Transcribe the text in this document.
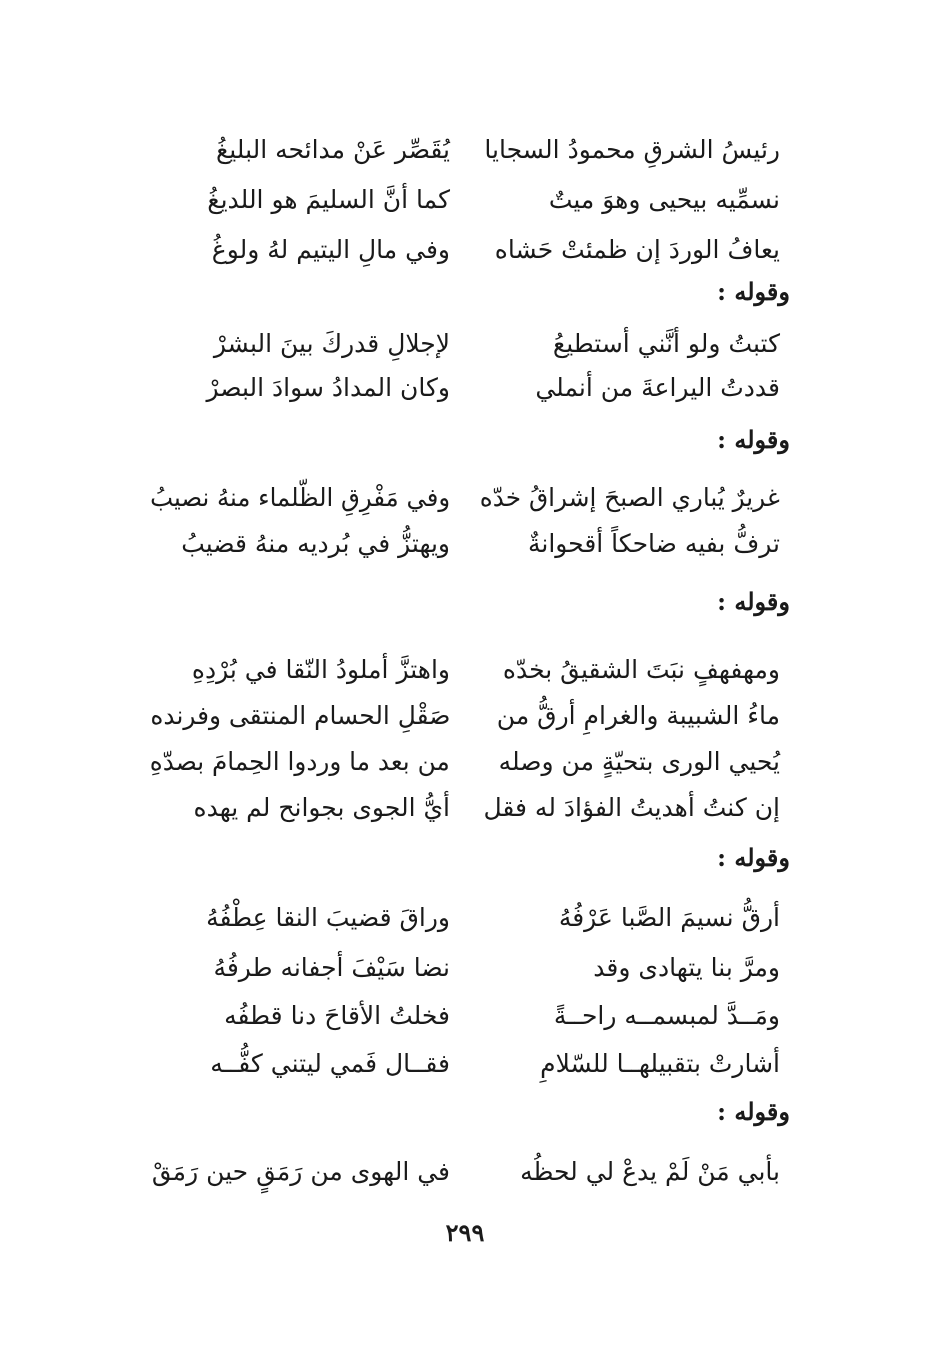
رئيسُ الشرقِ محمودُ السجايا
يُقَصِّر عَنْ مدائحه البليغُ
نسمِّيه بيحيى وهوَ ميتٌ
كما أنَّ السليمَ هو اللديغُ
يعافُ الوردَ إن ظمئتْ حَشاه
وفي مالِ اليتيم لهُ ولوغُ
وقوله :
كتبتُ ولو أنَّني أستطيعُ
لإجلالِ قدركَ بينَ البشرْ
قددتُ اليراعةَ من أنملي
وكان المدادُ سوادَ البصرْ
وقوله :
غريرٌ يُباري الصبحَ إشراقُ خدّه
وفي مَفْرِقِ الظّلماء منهُ نصيبُ
ترفُّ بفيه ضاحكاً أقحوانةٌ
ويهتزُّ في بُرديه منهُ قضيبُ
وقوله :
ومهفهفٍ نبَتَ الشقيقُ بخدّه
واهتزَّ أملودُ النّقا في بُرْدِهِ
ماءُ الشبيبة والغرامِ أرقُّ من
صَقْلِ الحسام المنتقى وفرنده
يُحيي الورى بتحيّةٍ من وصله
من بعد ما وردوا الحِمامَ بصدّهِ
إن كنتُ أهديتُ الفؤادَ له فقل
أيُّ الجوى بجوانح لم يهده
وقوله :
أرقُّ نسيمَ الصَّبا عَرْفُهُ
وراقَ قضيبَ النقا عِطْفُهُ
ومرَّ بنا يتهادى وقد
نضا سَيْفَ أجفانه طرفُهُ
ومَــدَّ لمبسمــه راحــةً
فخلتُ الأقاحَ دنا قطفُه
أشارتْ بتقبيلهــا للسّلامِ
فقــال فَمي ليتني كفُّــه
وقوله :
بأبي مَنْ لَمْ يدعْ لي لحظُه
في الهوى من رَمَقٍ حين رَمَقْ
٢٩٩
